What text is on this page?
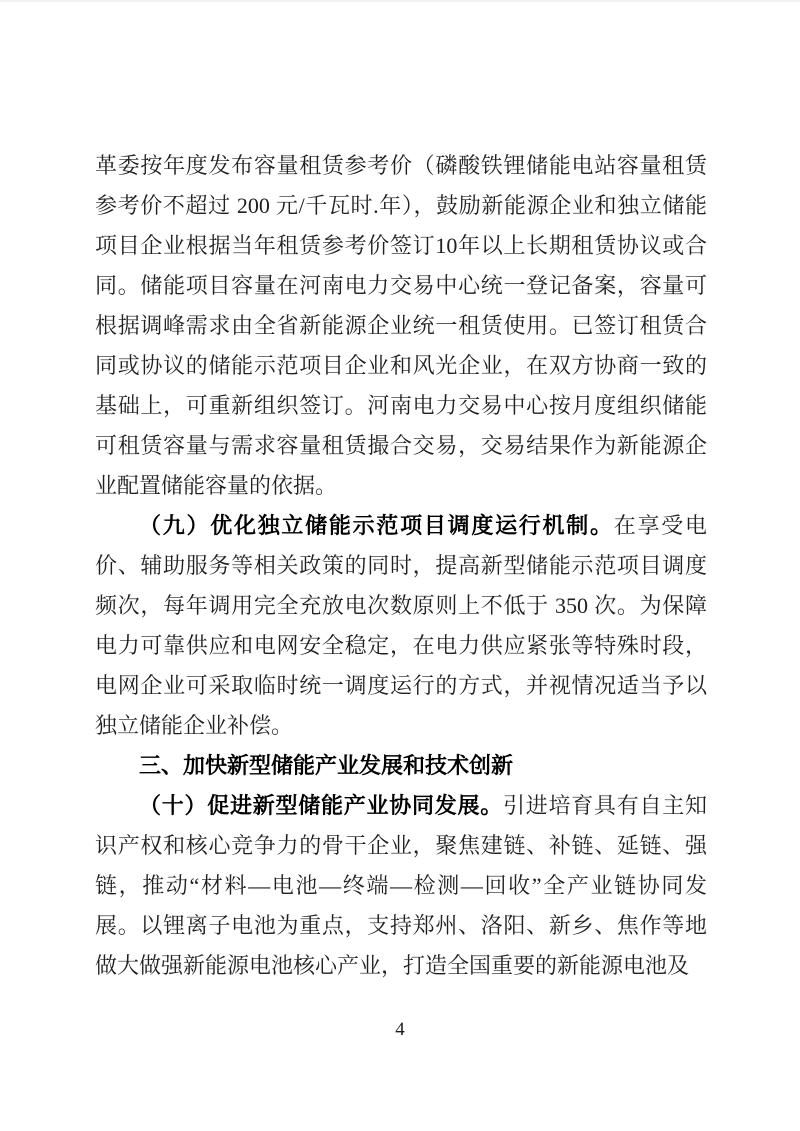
革委按年度发布容量租赁参考价（磷酸铁锂储能电站容量租赁参考价不超过 200 元/千瓦时.年），鼓励新能源企业和独立储能项目企业根据当年租赁参考价签订10年以上长期租赁协议或合同。储能项目容量在河南电力交易中心统一登记备案，容量可根据调峰需求由全省新能源企业统一租赁使用。已签订租赁合同或协议的储能示范项目企业和风光企业，在双方协商一致的基础上，可重新组织签订。河南电力交易中心按月度组织储能可租赁容量与需求容量租赁撮合交易，交易结果作为新能源企业配置储能容量的依据。

（九）优化独立储能示范项目调度运行机制。在享受电价、辅助服务等相关政策的同时，提高新型储能示范项目调度频次，每年调用完全充放电次数原则上不低于 350 次。为保障电力可靠供应和电网安全稳定，在电力供应紧张等特殊时段，电网企业可采取临时统一调度运行的方式，并视情况适当予以独立储能企业补偿。

三、加快新型储能产业发展和技术创新

（十）促进新型储能产业协同发展。引进培育具有自主知识产权和核心竞争力的骨干企业，聚焦建链、补链、延链、强链，推动“材料—电池—终端—检测—回收”全产业链协同发展。以锂离子电池为重点，支持郑州、洛阳、新乡、焦作等地做大做强新能源电池核心产业，打造全国重要的新能源电池及

4
